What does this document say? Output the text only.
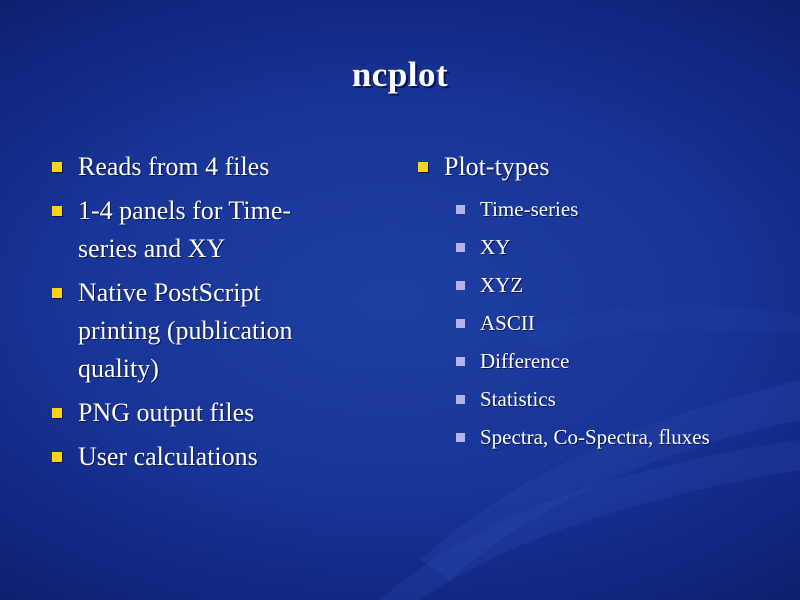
ncplot
Reads from 4 files
1-4 panels for Time-series and XY
Native PostScript printing (publication quality)
PNG output files
User calculations
Plot-types
Time-series
XY
XYZ
ASCII
Difference
Statistics
Spectra, Co-Spectra, fluxes
